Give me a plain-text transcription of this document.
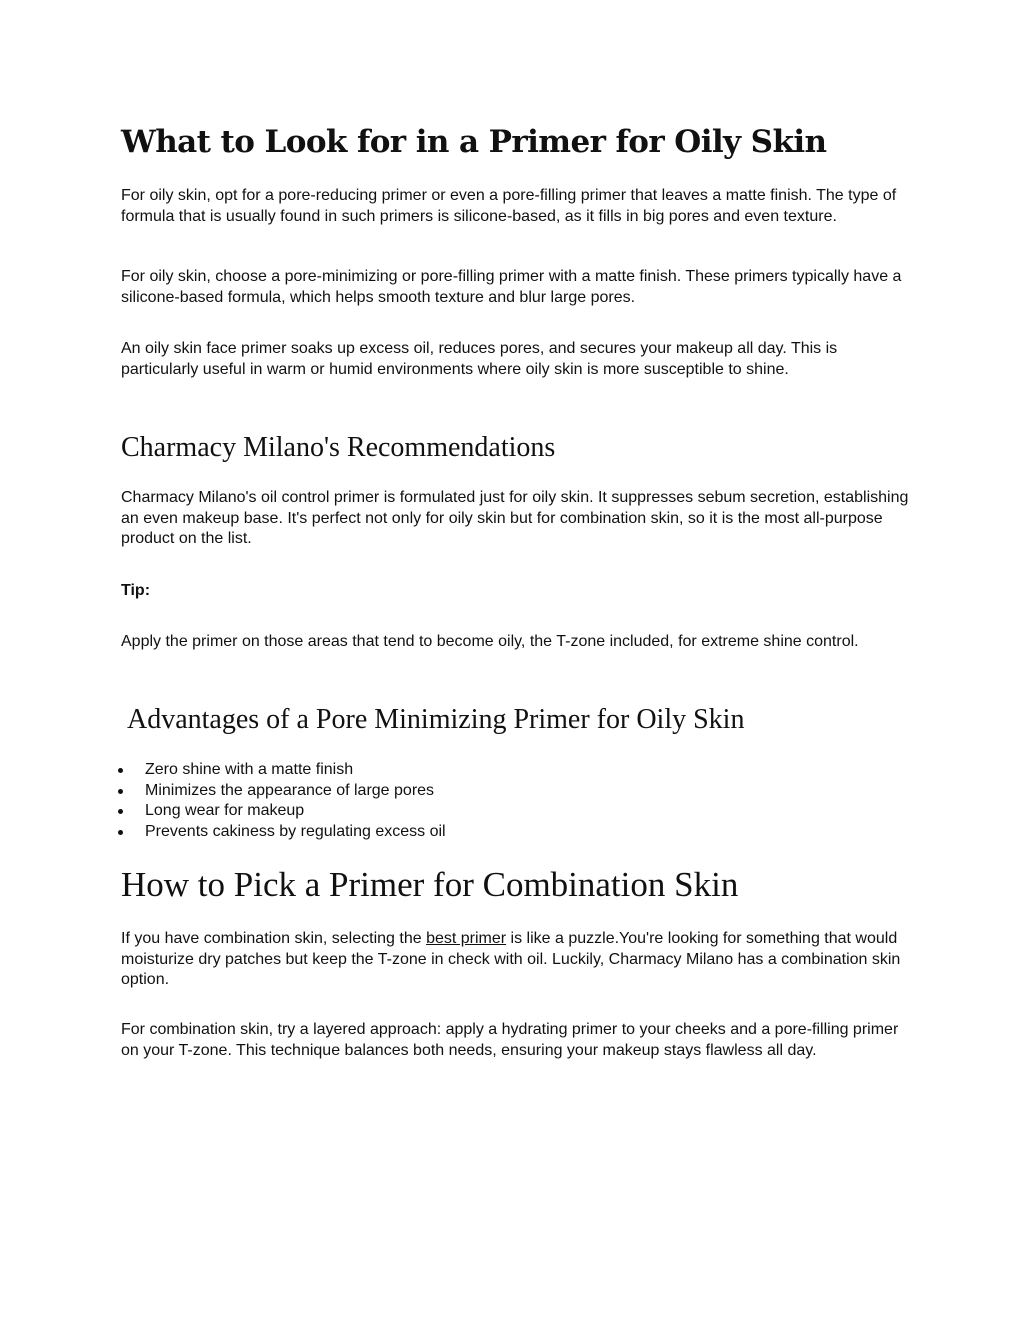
What to Look for in a Primer for Oily Skin

For oily skin, opt for a pore-reducing primer or even a pore-filling primer that leaves a matte finish. The type of formula that is usually found in such primers is silicone-based, as it fills in big pores and even texture.

For oily skin, choose a pore-minimizing or pore-filling primer with a matte finish. These primers typically have a silicone-based formula, which helps smooth texture and blur large pores.

An oily skin face primer soaks up excess oil, reduces pores, and secures your makeup all day. This is particularly useful in warm or humid environments where oily skin is more susceptible to shine.

Charmacy Milano's Recommendations

Charmacy Milano's oil control primer is formulated just for oily skin. It suppresses sebum secretion, establishing an even makeup base. It's perfect not only for oily skin but for combination skin, so it is the most all-purpose product on the list.

Tip:

Apply the primer on those areas that tend to become oily, the T-zone included, for extreme shine control.

Advantages of a Pore Minimizing Primer for Oily Skin
Zero shine with a matte finish
Minimizes the appearance of large pores
Long wear for makeup
Prevents cakiness by regulating excess oil
How to Pick a Primer for Combination Skin

If you have combination skin, selecting the best primer is like a puzzle.You're looking for something that would moisturize dry patches but keep the T-zone in check with oil. Luckily, Charmacy Milano has a combination skin option.

For combination skin, try a layered approach: apply a hydrating primer to your cheeks and a pore-filling primer on your T-zone. This technique balances both needs, ensuring your makeup stays flawless all day.
